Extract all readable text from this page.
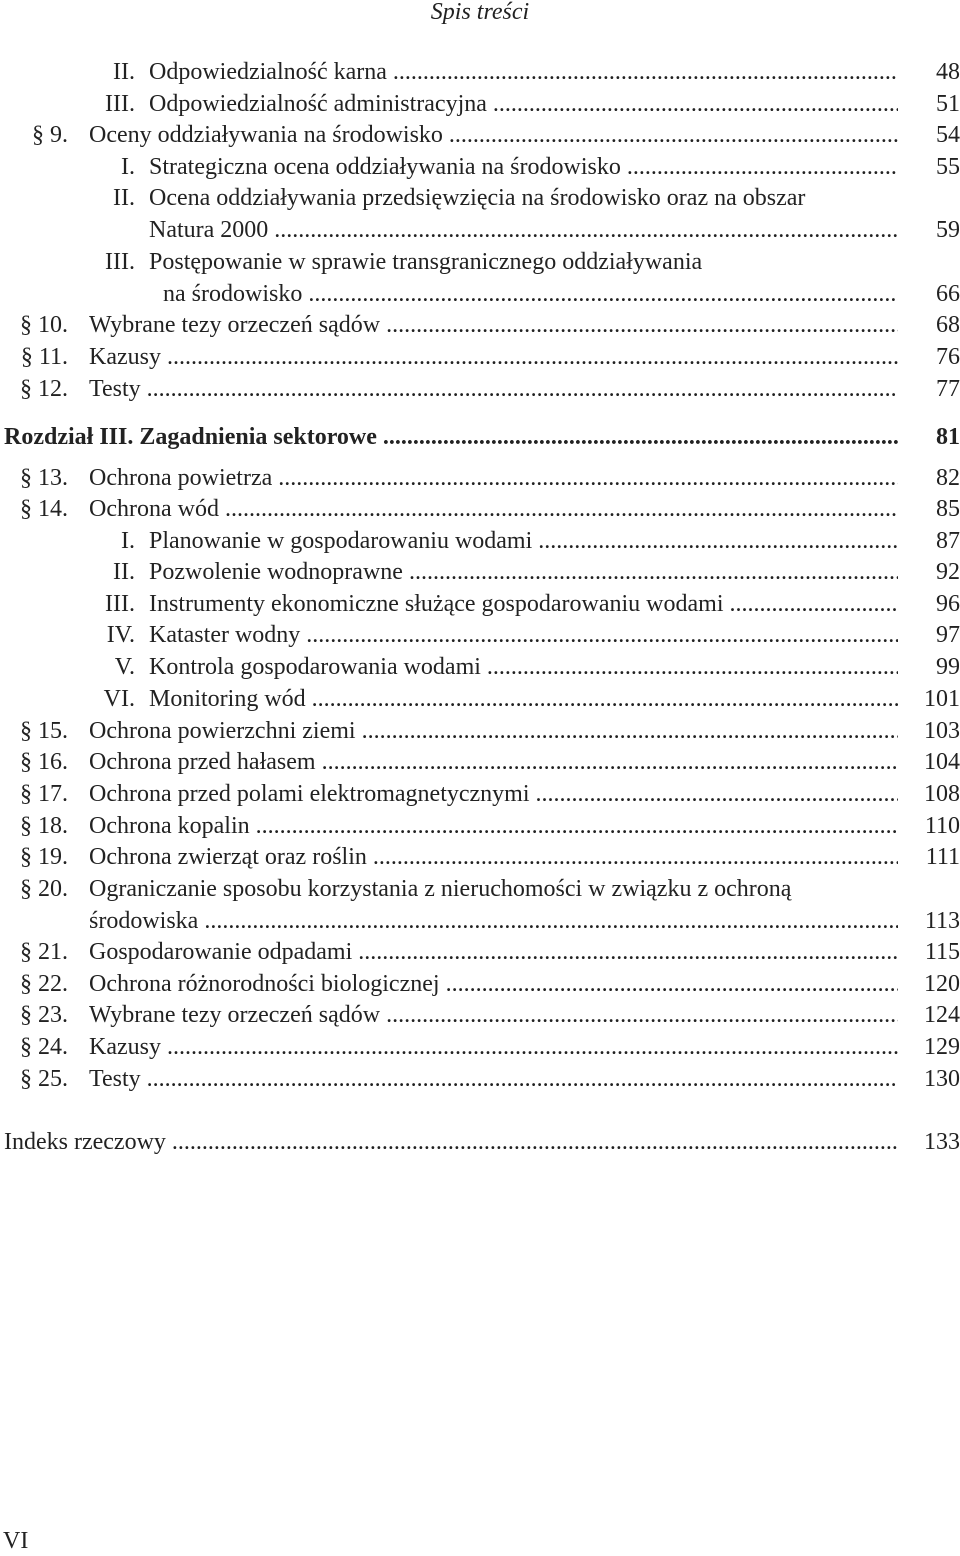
Spis treści
II. Odpowiedzialność karna .....	48
III. Odpowiedzialność administracyjna .....	51
§ 9. Oceny oddziaływania na środowisko .....	54
I. Strategiczna ocena oddziaływania na środowisko .....	55
II. Ocena oddziaływania przedsięwzięcia na środowisko oraz na obszar
Natura 2000 .....	59
III. Postępowanie w sprawie transgranicznego oddziaływania
na środowisko .....	66
§ 10. Wybrane tezy orzeczeń sądów .....	68
§ 11. Kazusy .....	76
§ 12. Testy .....	77
Rozdział III. Zagadnienia sektorowe .....	81
§ 13. Ochrona powietrza .....	82
§ 14. Ochrona wód .....	85
I. Planowanie w gospodarowaniu wodami .....	87
II. Pozwolenie wodnoprawne .....	92
III. Instrumenty ekonomiczne służące gospodarowaniu wodami .....	96
IV. Kataster wodny .....	97
V. Kontrola gospodarowania wodami .....	99
VI. Monitoring wód .....	101
§ 15. Ochrona powierzchni ziemi .....	103
§ 16. Ochrona przed hałasem .....	104
§ 17. Ochrona przed polami elektromagnetycznymi .....	108
§ 18. Ochrona kopalin .....	110
§ 19. Ochrona zwierząt oraz roślin .....	111
§ 20. Ograniczanie sposobu korzystania z nieruchomości w związku z ochroną
środowiska .....	113
§ 21. Gospodarowanie odpadami .....	115
§ 22. Ochrona różnorodności biologicznej .....	120
§ 23. Wybrane tezy orzeczeń sądów .....	124
§ 24. Kazusy .....	129
§ 25. Testy .....	130
Indeks rzeczowy .....	133
VI
